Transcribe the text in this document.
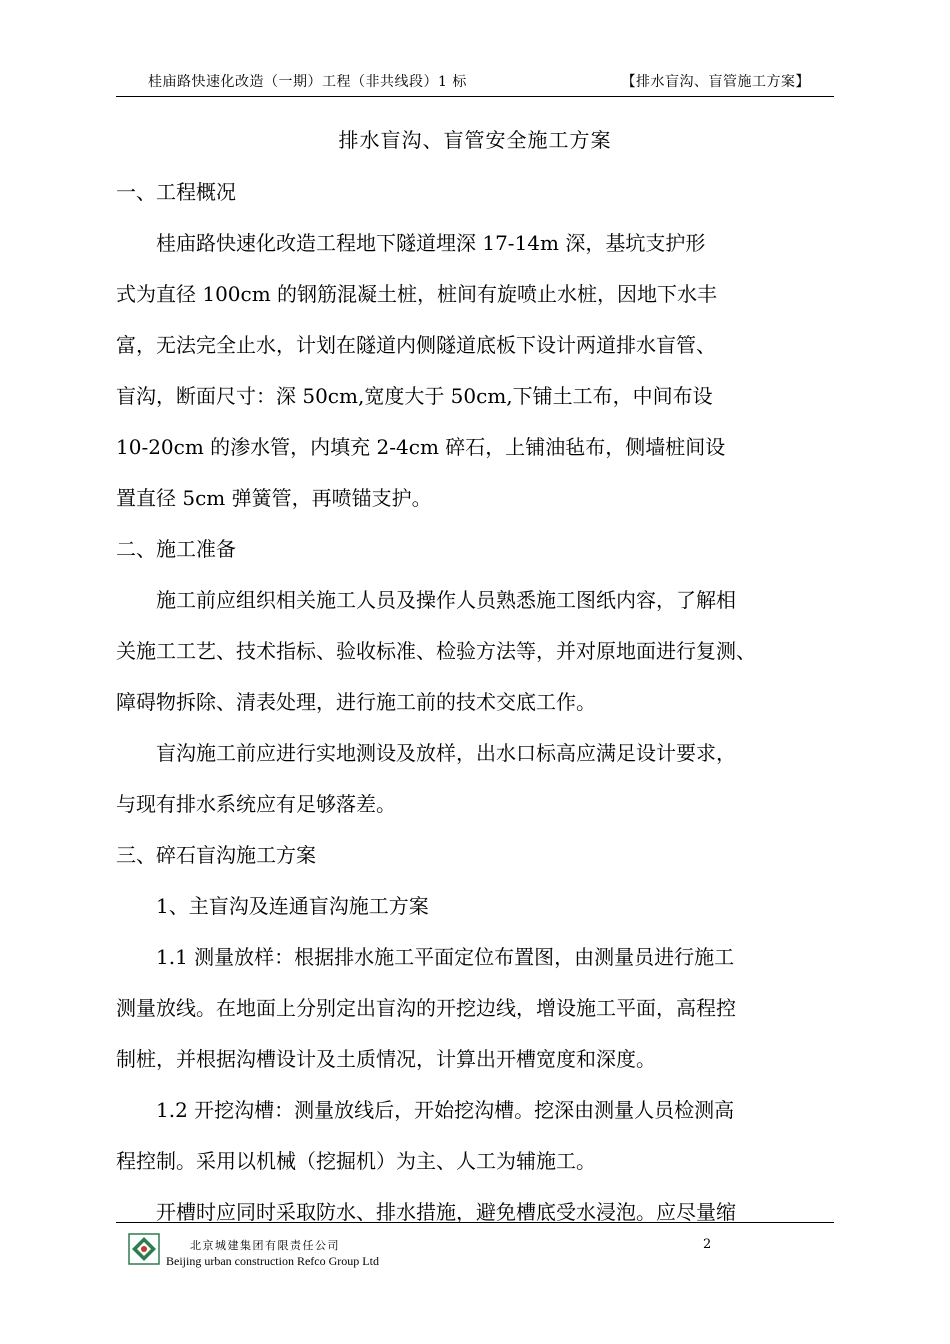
桂庙路快速化改造（一期）工程（非共线段）1 标	【排水盲沟、盲管施工方案】
排水盲沟、盲管安全施工方案

一、工程概况

　　桂庙路快速化改造工程地下隧道埋深 17-14m 深，基坑支护形

式为直径 100cm 的钢筋混凝土桩，桩间有旋喷止水桩，因地下水丰

富，无法完全止水，计划在隧道内侧隧道底板下设计两道排水盲管、

盲沟，断面尺寸：深 50cm,宽度大于 50cm,下铺土工布，中间布设

10-20cm 的渗水管，内填充 2-4cm 碎石，上铺油毡布，侧墙桩间设

置直径 5cm 弹簧管，再喷锚支护。

二、施工准备

　　施工前应组织相关施工人员及操作人员熟悉施工图纸内容，了解相

关施工工艺、技术指标、验收标准、检验方法等，并对原地面进行复测、

障碍物拆除、清表处理，进行施工前的技术交底工作。

　　盲沟施工前应进行实地测设及放样，出水口标高应满足设计要求，

与现有排水系统应有足够落差。

三、碎石盲沟施工方案

　　1、主盲沟及连通盲沟施工方案

　　1.1 测量放样：根据排水施工平面定位布置图，由测量员进行施工

测量放线。在地面上分别定出盲沟的开挖边线，增设施工平面，高程控

制桩，并根据沟槽设计及土质情况，计算出开槽宽度和深度。

　　1.2 开挖沟槽：测量放线后，开始挖沟槽。挖深由测量人员检测高

程控制。采用以机械（挖掘机）为主、人工为辅施工。

　　开槽时应同时采取防水、排水措施，避免槽底受水浸泡。应尽量缩

北京城建集团有限责任公司
Beijing urban construction Refco Group Ltd
2
